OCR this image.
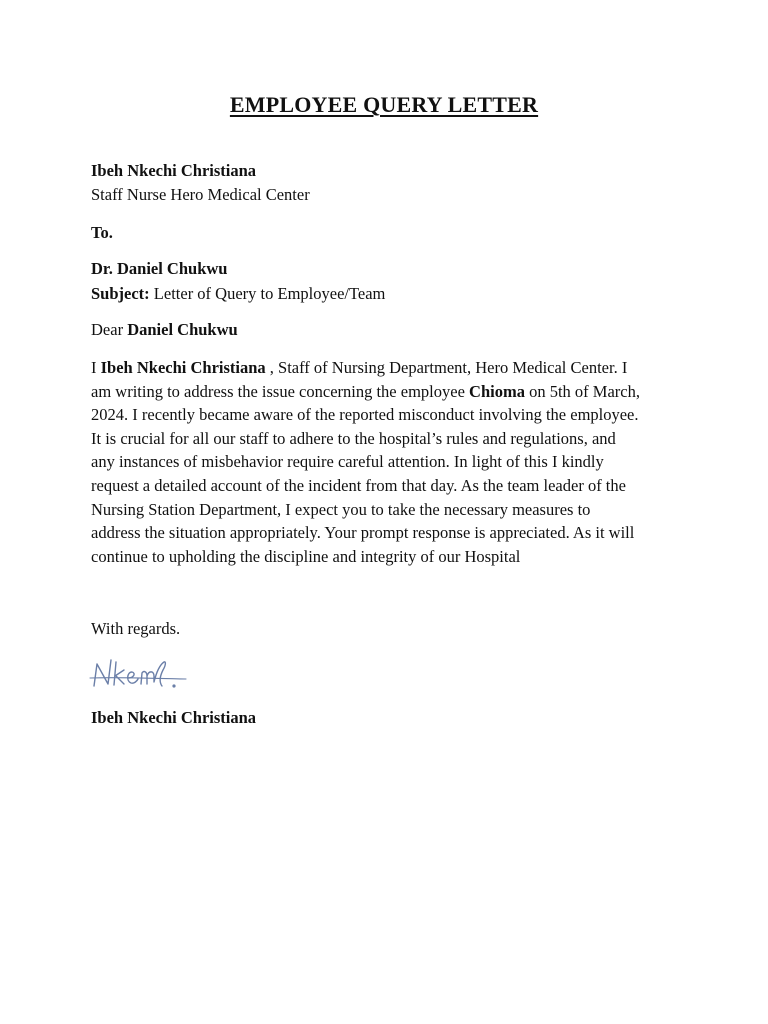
EMPLOYEE QUERY LETTER
Ibeh Nkechi Christiana
Staff Nurse Hero Medical Center
To.
Dr. Daniel Chukwu
Subject: Letter of Query to Employee/Team
Dear Daniel Chukwu

I Ibeh Nkechi Christiana , Staff of Nursing Department, Hero Medical Center. I
am writing to address the issue concerning the employee Chioma on 5th of March,
2024. I recently became aware of the reported misconduct involving the employee.
It is crucial for all our staff to adhere to the hospital’s rules and regulations, and
any instances of misbehavior require careful attention. In light of this I kindly
request a detailed account of the incident from that day. As the team leader of the
Nursing Station Department, I expect you to take the necessary measures to
address the situation appropriately. Your prompt response is appreciated. As it will
continue to upholding the discipline and integrity of our Hospital

With regards.
Ibeh Nkechi Christiana
